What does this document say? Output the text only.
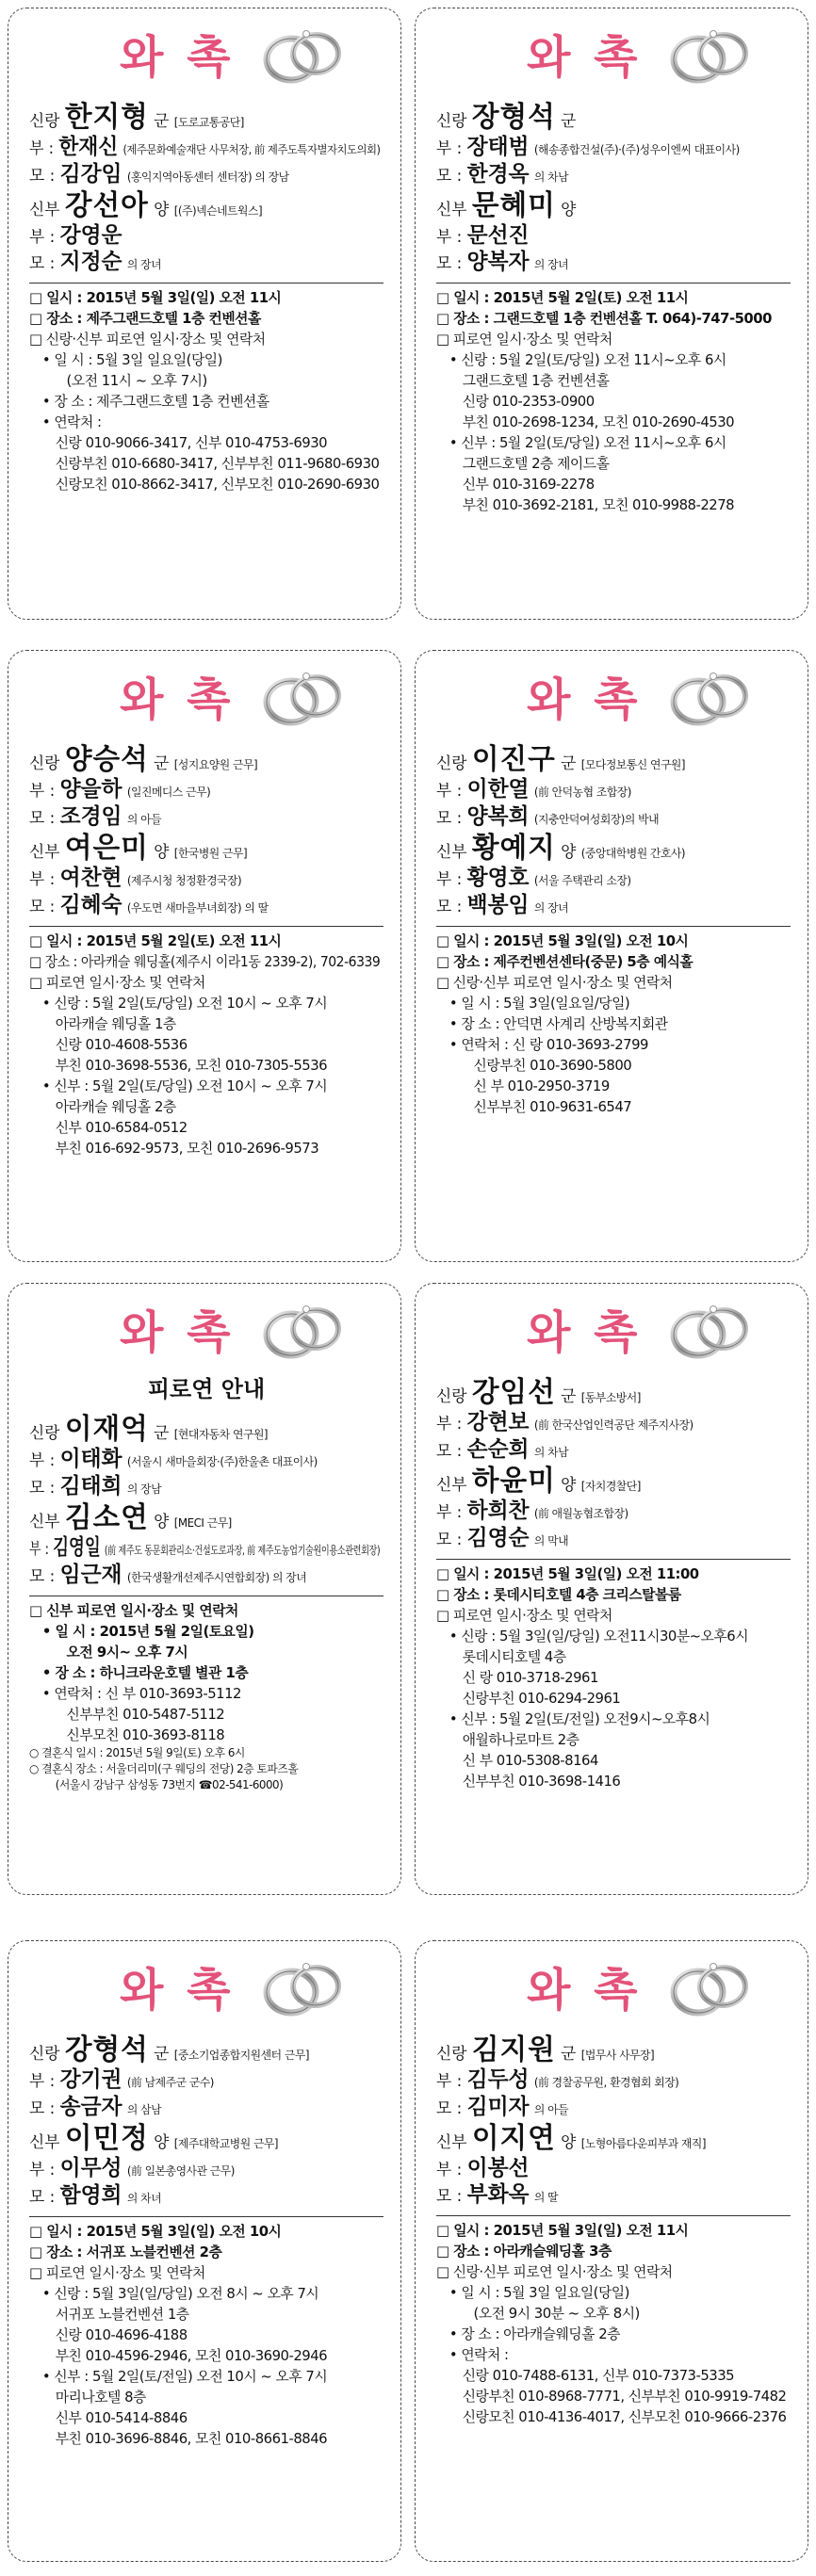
와 촉
신랑 한지형 군 [도로교통공단]
부 : 한재신 (제주문화예술재단 사무처장, 前 제주도특자별자치도의회)
모 : 김강임 (홍익지역아동센터 센터장) 의 장남
신부 강선아 양 [(주)넥슨네트웍스]
부 : 강영운
모 : 지정순 의 장녀
□ 일시 : 2015년 5월 3일(일) 오전 11시
□ 장소 : 제주그랜드호텔 1층 컨벤션홀
□ 신랑·신부 피로연 일시·장소 및 연락처
• 일 시 : 5월 3일 일요일(당일)
(오전 11시 ~ 오후 7시)
• 장 소 : 제주그랜드호텔 1층 컨벤션홀
• 연락처 :
신랑 010-9066-3417, 신부 010-4753-6930
신랑부친 010-6680-3417, 신부부친 011-9680-6930
신랑모친 010-8662-3417, 신부모친 010-2690-6930
와 촉
신랑 장형석 군
부 : 장태범 (해송종합건설(주)·(주)성우이엔씨 대표이사)
모 : 한경옥 의 차남
신부 문혜미 양
부 : 문선진
모 : 양복자 의 장녀
□ 일시 : 2015년 5월 2일(토) 오전 11시
□ 장소 : 그랜드호텔 1층 컨벤션홀 T. 064)-747-5000
□ 피로연 일시·장소 및 연락처
• 신랑 : 5월 2일(토/당일) 오전 11시~오후 6시
그랜드호텔 1층 컨벤션홀
신랑 010-2353-0900
부친 010-2698-1234, 모친 010-2690-4530
• 신부 : 5월 2일(토/당일) 오전 11시~오후 6시
그랜드호텔 2층 제이드홀
신부 010-3169-2278
부친 010-3692-2181, 모친 010-9988-2278
와 촉
신랑 양승석 군 [성지요양원 근무]
부 : 양을하 (일진메디스 근무)
모 : 조경임 의 아들
신부 여은미 양 [한국병원 근무]
부 : 여찬현 (제주시청 청정환경국장)
모 : 김혜숙 (우도면 새마을부녀회장) 의 딸
□ 일시 : 2015년 5월 2일(토) 오전 11시
□ 장소 : 아라캐슬 웨딩홀(제주시 이라1동 2339-2), 702-6339
□ 피로연 일시·장소 및 연락처
• 신랑 : 5월 2일(토/당일) 오전 10시 ~ 오후 7시
아라캐슬 웨딩홀 1층
신랑 010-4608-5536
부친 010-3698-5536, 모친 010-7305-5536
• 신부 : 5월 2일(토/당일) 오전 10시 ~ 오후 7시
아라캐슬 웨딩홀 2층
신부 010-6584-0512
부친 016-692-9573, 모친 010-2696-9573
와 촉
신랑 이진구 군 [모다정보통신 연구원]
부 : 이한열 (前 안덕농협 조합장)
모 : 양복희 (지충안덕여성회장)의 박내
신부 황예지 양 (중앙대학병원 간호사)
부 : 황영호 (서울 주택관리 소장)
모 : 백봉임 의 장녀
□ 일시 : 2015년 5월 3일(일) 오전 10시
□ 장소 : 제주컨벤션센타(중문) 5층 예식홀
□ 신랑·신부 피로연 일시·장소 및 연락처
• 일 시 : 5월 3일(일요일/당일)
• 장 소 : 안덕면 사계리 산방복지회관
• 연락처 : 신 랑 010-3693-2799
신랑부친 010-3690-5800
신 부 010-2950-3719
신부부친 010-9631-6547
와 촉
피로연 안내
신랑 이재억 군 [현대자동차 연구원]
부 : 이태화 (서울시 새마을회장·(주)한울촌 대표이사)
모 : 김태희 의 장남
신부 김소연 양 [MECI 근무]
부 : 김영일 (前 제주도 동문회관리소·건설도로과장, 前 제주도농업기술원이용소관련회장)
모 : 임근재 (한국생활개선제주시연합회장) 의 장녀
□ 신부 피로연 일시·장소 및 연락처
• 일 시 : 2015년 5월 2일(토요일)
오전 9시~ 오후 7시
• 장 소 : 하니크라운호텔 별관 1층
• 연락처 : 신 부 010-3693-5112
신부부친 010-5487-5112
신부모친 010-3693-8118
○ 결혼식 일시 : 2015년 5월 9일(토) 오후 6시
○ 결혼식 장소 : 서울더리미(구 웨딩의 전당) 2층 토파즈홀
(서울시 강남구 삼성동 73번지 ☎02-541-6000)
와 촉
신랑 강임선 군 [동부소방서]
부 : 강현보 (前 한국산업인력공단 제주지사장)
모 : 손순희 의 차남
신부 하윤미 양 [자치경찰단]
부 : 하희찬 (前 애월농협조합장)
모 : 김영순 의 막내
□ 일시 : 2015년 5월 3일(일) 오전 11:00
□ 장소 : 롯데시티호텔 4층 크리스탈볼룸
□ 피로연 일시·장소 및 연락처
• 신랑 : 5월 3일(일/당일) 오전11시30분~오후6시
롯데시티호텔 4층
신 랑 010-3718-2961
신랑부친 010-6294-2961
• 신부 : 5월 2일(토/전일) 오전9시~오후8시
애월하나로마트 2층
신 부 010-5308-8164
신부부친 010-3698-1416
와 촉
신랑 강형석 군 [중소기업종합지원센터 근무]
부 : 강기권 (前 남제주군 군수)
모 : 송금자 의 삼남
신부 이민정 양 [제주대학교병원 근무]
부 : 이무성 (前 일본총영사관 근무)
모 : 함영희 의 차녀
□ 일시 : 2015년 5월 3일(일) 오전 10시
□ 장소 : 서귀포 노블컨벤션 2층
□ 피로연 일시·장소 및 연락처
• 신랑 : 5월 3일(일/당일) 오전 8시 ~ 오후 7시
서귀포 노블컨벤션 1층
신랑 010-4696-4188
부친 010-4596-2946, 모친 010-3690-2946
• 신부 : 5월 2일(토/전일) 오전 10시 ~ 오후 7시
마리나호텔 8층
신부 010-5414-8846
부친 010-3696-8846, 모친 010-8661-8846
와 촉
신랑 김지원 군 [법무사 사무장]
부 : 김두성 (前 경찰공무원, 환경협회 회장)
모 : 김미자 의 아들
신부 이지연 양 [노형아름다운피부과 재직]
부 : 이봉선
모 : 부화옥 의 딸
□ 일시 : 2015년 5월 3일(일) 오전 11시
□ 장소 : 아라캐슬웨딩홀 3층
□ 신랑·신부 피로연 일시·장소 및 연락처
• 일 시 : 5월 3일 일요일(당일)
(오전 9시 30분 ~ 오후 8시)
• 장 소 : 아라캐슬웨딩홀 2층
• 연락처 :
신랑 010-7488-6131, 신부 010-7373-5335
신랑부친 010-8968-7771, 신부부친 010-9919-7482
신랑모친 010-4136-4017, 신부모친 010-9666-2376
